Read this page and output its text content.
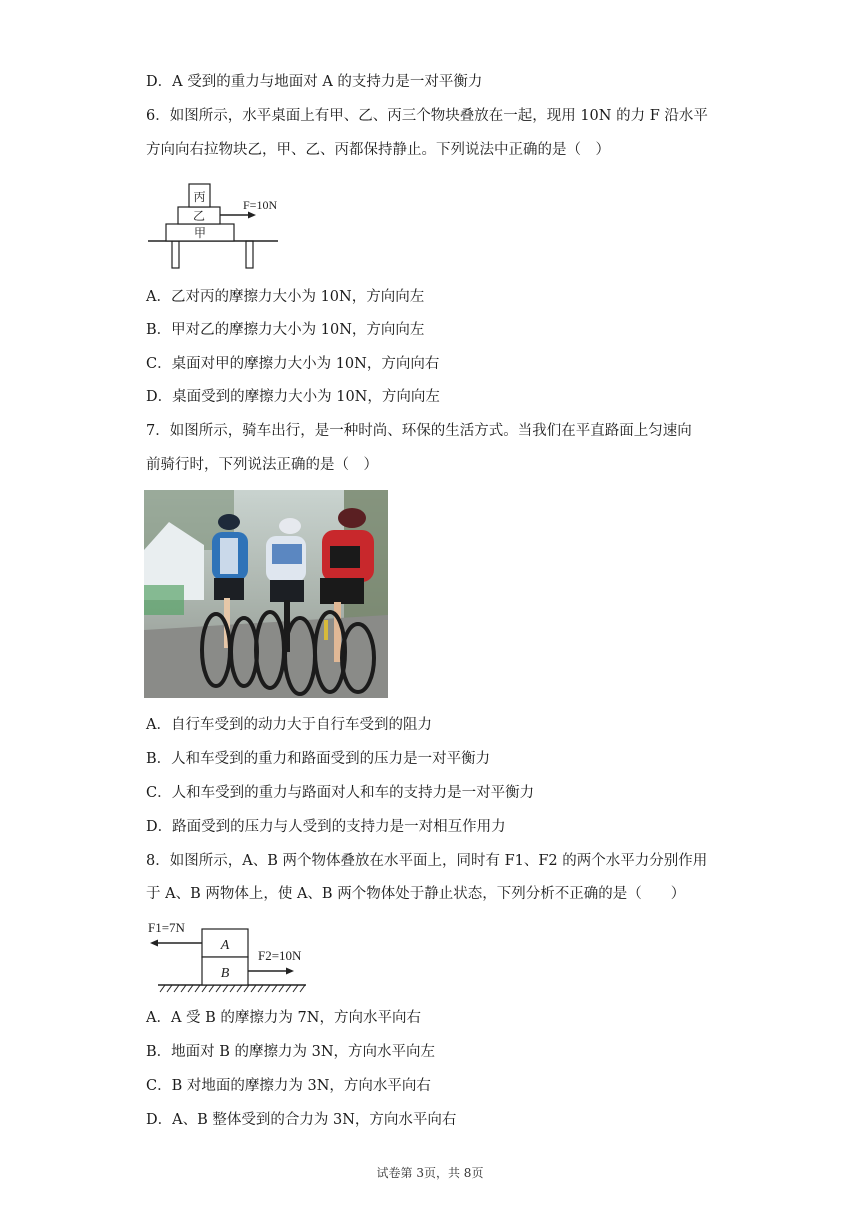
D．A 受到的重力与地面对 A 的支持力是一对平衡力
6．如图所示，水平桌面上有甲、乙、丙三个物块叠放在一起，现用 10N 的力 F 沿水平
方向向右拉物块乙，甲、乙、丙都保持静止。下列说法中正确的是（　）
甲
乙
丙
F=10N
A．乙对丙的摩擦力大小为 10N，方向向左
B．甲对乙的摩擦力大小为 10N，方向向左
C．桌面对甲的摩擦力大小为 10N，方向向右
D．桌面受到的摩擦力大小为 10N，方向向左
7．如图所示，骑车出行，是一种时尚、环保的生活方式。当我们在平直路面上匀速向
前骑行时，下列说法正确的是（　）
A．自行车受到的动力大于自行车受到的阻力
B．人和车受到的重力和路面受到的压力是一对平衡力
C．人和车受到的重力与路面对人和车的支持力是一对平衡力
D．路面受到的压力与人受到的支持力是一对相互作用力
8．如图所示，A、B 两个物体叠放在水平面上，同时有 F1、F2 的两个水平力分别作用
于 A、B 两物体上，使 A、B 两个物体处于静止状态，下列分析不正确的是（　　）
A
B
F1=7N
F2=10N
A．A 受 B 的摩擦力为 7N，方向水平向右
B．地面对 B 的摩擦力为 3N，方向水平向左
C．B 对地面的摩擦力为 3N，方向水平向右
D．A、B 整体受到的合力为 3N，方向水平向右
试卷第 3页，共 8页
